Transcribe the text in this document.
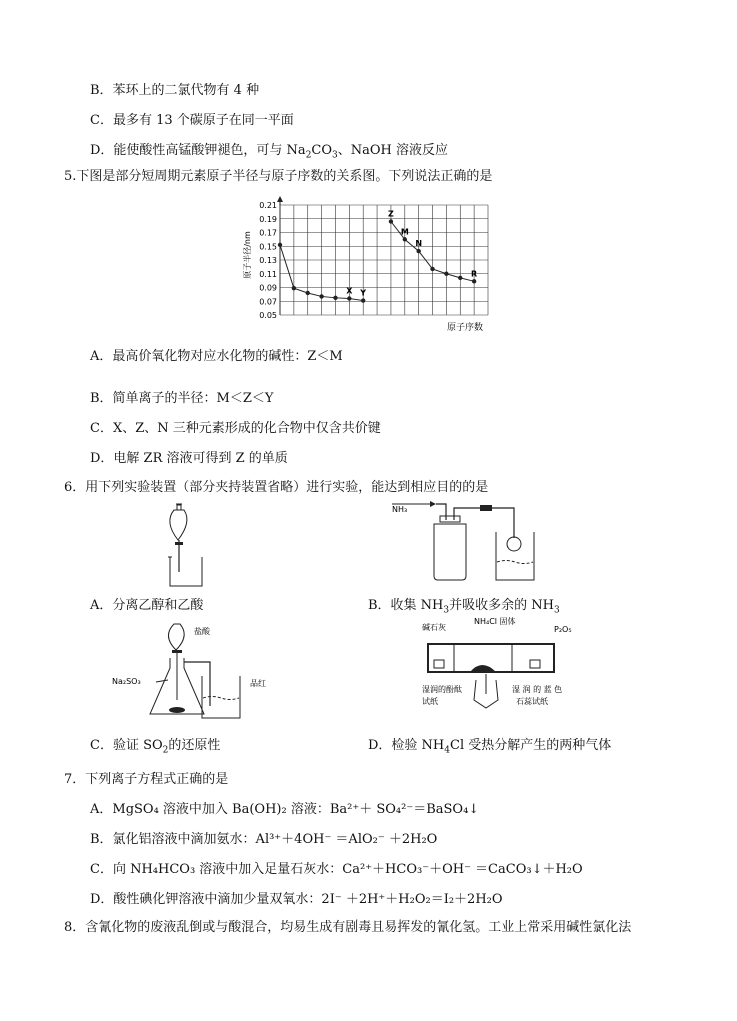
B．苯环上的二氯代物有 4 种
C．最多有 13 个碳原子在同一平面
D．能使酸性高锰酸钾褪色，可与 $Na_2CO_3$、NaOH 溶液反应
5.下图是部分短周期元素原子半径与原子序数的关系图。下列说法正确的是
原子半径/nm
原子序数
0.21
0.19
0.17
0.15
0.13
0.11
0.09
0.07
0.05
X Y
Z
M
N
R
A．最高价氧化物对应水化物的碱性：Z＜M
B．简单离子的半径：M＜Z＜Y
C．X、Z、N 三种元素形成的化合物中仅含共价键
D．电解 ZR 溶液可得到 Z 的单质
6．用下列实验装置（部分夹持装置省略）进行实验，能达到相应目的的是
A．分离乙醇和乙酸
NH₃
B．收集 $NH_3$并吸收多余的 $NH_3$
盐酸
Na₂SO₃	品红
C．验证 $SO_2$的还原性
碱石灰
NH₄Cl 固体
P₂O₅
湿润的酚酞
试纸
湿 润 的 蓝 色
石蕊试纸
D．检验 $NH_4Cl$ 受热分解产生的两种气体
7．下列离子方程式正确的是
A．MgSO₄ 溶液中加入 Ba(OH)₂ 溶液：Ba²⁺＋ SO₄²⁻＝BaSO₄↓
B．氯化铝溶液中滴加氨水：Al³⁺＋4OH⁻ ＝AlO₂⁻ ＋2H₂O
C．向 NH₄HCO₃ 溶液中加入足量石灰水：Ca²⁺＋HCO₃⁻＋OH⁻ ＝CaCO₃↓＋H₂O
D．酸性碘化钾溶液中滴加少量双氧水：2I⁻ ＋2H⁺＋H₂O₂＝I₂＋2H₂O
8．含氰化物的废液乱倒或与酸混合，均易生成有剧毒且易挥发的氰化氢。工业上常采用碱性氯化法
